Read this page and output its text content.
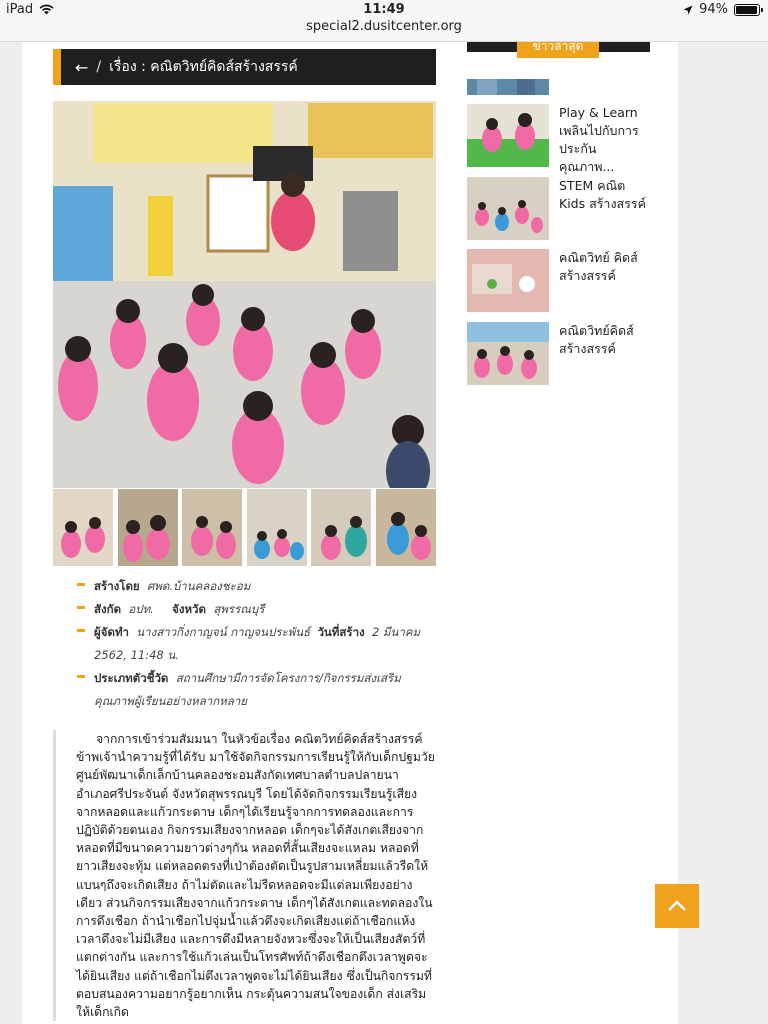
iPad	11:49	94%
special2.dusitcenter.org
← / เรื่อง : คณิตวิทย์คิดส์สร้างสรรค์
สร้างโดย ศพด.บ้านคลองชะอม
สังกัด อปท. จังหวัด สุพรรณบุรี
ผู้จัดทำ นางสาวกิ่งกาญจน์ กาญจนประพันธ์ วันที่สร้าง 2 มีนาคม 2562, 11:48 น.
ประเภทตัวชี้วัด สถานศึกษามีการจัดโครงการ/กิจกรรมส่งเสริมคุณภาพผู้เรียนอย่างหลากหลาย

จากการเข้าร่วมสัมมนา ในหัวข้อเรื่อง คณิตวิทย์คิดส์สร้างสรรค์ ข้าพเจ้านำความรู้ที่ได้รับ มาใช้จัดกิจกรรมการเรียนรู้ให้กับเด็กปฐมวัยศูนย์พัฒนาเด็กเล็กบ้านคลองชะอมสังกัดเทศบาลตำบลปลายนา อำเภอศรีประจันต์ จังหวัดสุพรรณบุรี โดยได้จัดกิจกรรมเรียนรู้เสียงจากหลอดและแก้วกระดาษ เด็กๆได้เรียนรู้จากการทดลองและการปฏิบัติด้วยตนเอง กิจกรรมเสียงจากหลอด เด็กๆจะได้สังเกตเสียงจากหลอดที่มีขนาดความยาวต่างๆกัน หลอดที่สั้นเสียงจะแหลม หลอดที่ยาวเสียงจะทุ้ม แต่หลอดตรงที่เป่าต้องตัดเป็นรูปสามเหลี่ยมแล้วรีดให้แบนๆถึงจะเกิดเสียง ถ้าไม่ตัดและไม่รีดหลอดจะมีแต่ลมเพียงอย่างเดียว ส่วนกิจกรรมเสียงจากแก้วกระดาษ เด็กๆได้สังเกตและทดลองในการดึงเชือก ถ้านำเชือกไปจุ่มน้ำแล้วดึงจะเกิดเสียงแต่ถ้าเชือกแห้งเวลาดึงจะไม่มีเสียง และการดึงมีหลายจังหวะซึ่งจะให้เป็นเสียงสัตว์ที่แตกต่างกัน และการใช้แก้วเล่นเป็นโทรศัพท์ถ้าดึงเชือกตึงเวลาพูดจะได้ยินเสียง แต่ถ้าเชือกไม่ตึงเวลาพูดจะไม่ได้ยินเสียง ซึ่งเป็นกิจกรรมที่ตอบสนองความอยากรู้อยากเห็น กระตุ้นความสนใจของเด็ก ส่งเสริมให้เด็กเกิด

ข่าวล่าสุด
Play & Learn เพลินไปกับการประกันคุณภาพ...
STEM คณิต Kids สร้างสรรค์
คณิตวิทย์ คิดส์ สร้างสรรค์
คณิตวิทย์คิดส์ สร้างสรรค์
